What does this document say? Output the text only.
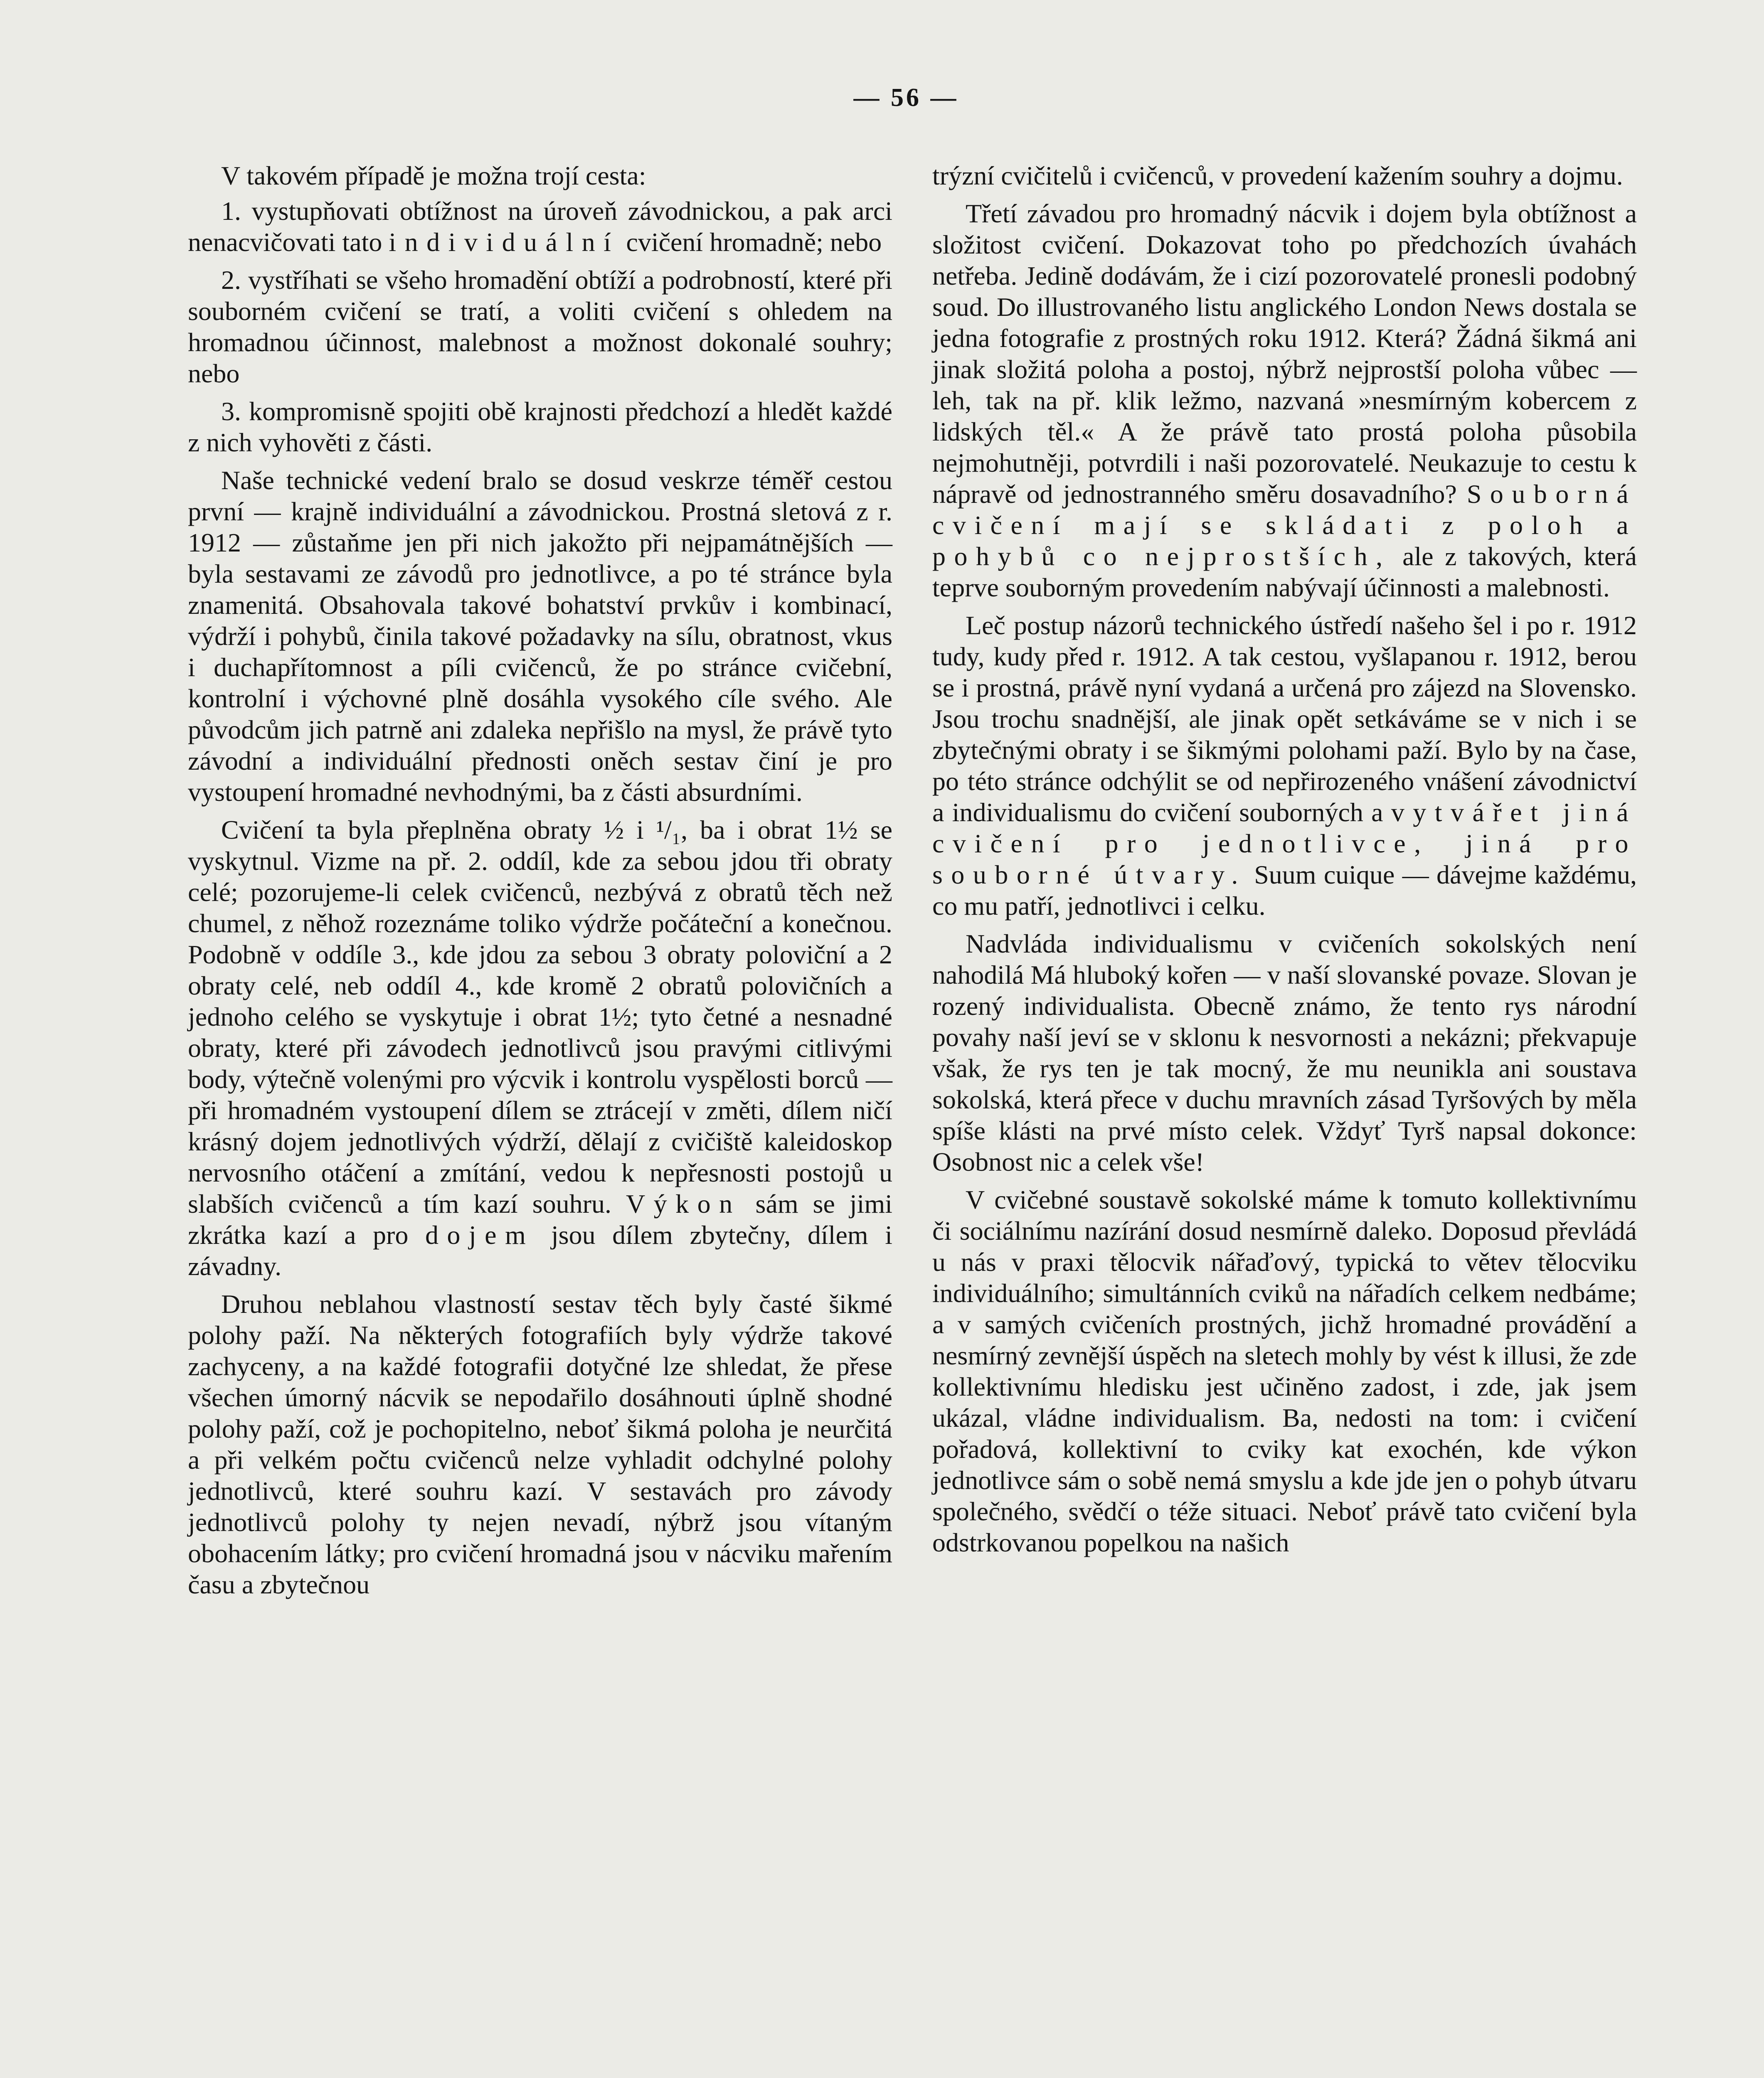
— 56 —

V takovém případě je možna trojí cesta:

1. vystupňovati obtížnost na úroveň závodnickou, a pak arci nenacvičovati tato individuální cvičení hromadně; nebo

2. vystříhati se všeho hromadění obtíží a podrobností, které při souborném cvičení se tratí, a voliti cvičení s ohledem na hromadnou účinnost, malebnost a možnost dokonalé souhry; nebo

3. kompromisně spojiti obě krajnosti předchozí a hledět každé z nich vyhověti z části.

Naše technické vedení bralo se dosud veskrze téměř cestou první — krajně individuální a závodnickou. Prostná sletová z r. 1912 — zůstaňme jen při nich jakožto při nejpamátnějších — byla sestavami ze závodů pro jednotlivce, a po té stránce byla znamenitá. Obsahovala takové bohatství prvkův i kombinací, výdrží i pohybů, činila takové požadavky na sílu, obratnost, vkus i duchapřítomnost a píli cvičenců, že po stránce cvičební, kontrolní i výchovné plně dosáhla vysokého cíle svého. Ale původcům jich patrně ani zdaleka nepřišlo na mysl, že právě tyto závodní a individuální přednosti oněch sestav činí je pro vystoupení hromadné nevhodnými, ba z části absurdními.

Cvičení ta byla přeplněna obraty ½ i ¹/₁, ba i obrat 1½ se vyskytnul. Vizme na př. 2. oddíl, kde za sebou jdou tři obraty celé; pozorujeme-li celek cvičenců, nezbývá z obratů těch než chumel, z něhož rozeznáme toliko výdrže počáteční a konečnou. Podobně v oddíle 3., kde jdou za sebou 3 obraty poloviční a 2 obraty celé, neb oddíl 4., kde kromě 2 obratů polovičních a jednoho celého se vyskytuje i obrat 1½; tyto četné a nesnadné obraty, které při závodech jednotlivců jsou pravými citlivými body, výtečně volenými pro výcvik i kontrolu vyspělosti borců — při hromadném vystoupení dílem se ztrácejí v změti, dílem ničí krásný dojem jednotlivých výdrží, dělají z cvičiště kaleidoskop nervosního otáčení a zmítání, vedou k nepřesnosti postojů u slabších cvičenců a tím kazí souhru. Výkon sám se jimi zkrátka kazí a pro dojem jsou dílem zbytečny, dílem i závadny.

Druhou neblahou vlastností sestav těch byly časté šikmé polohy paží. Na některých fotografiích byly výdrže takové zachyceny, a na každé fotografii dotyčné lze shledat, že přese všechen úmorný nácvik se nepodařilo dosáhnouti úplně shodné polohy paží, což je pochopitelno, neboť šikmá poloha je neurčitá a při velkém počtu cvičenců nelze vyhladit odchylné polohy jednotlivců, které souhru kazí. V sestavách pro závody jednotlivců polohy ty nejen nevadí, nýbrž jsou vítaným obohacením látky; pro cvičení hromadná jsou v nácviku mařením času a zbytečnou

trýzní cvičitelů i cvičenců, v provedení kažením souhry a dojmu.

Třetí závadou pro hromadný nácvik i dojem byla obtížnost a složitost cvičení. Dokazovat toho po předchozích úvahách netřeba. Jedině dodávám, že i cizí pozorovatelé pronesli podobný soud. Do illustrovaného listu anglického London News dostala se jedna fotografie z prostných roku 1912. Která? Žádná šikmá ani jinak složitá poloha a postoj, nýbrž nejprostší poloha vůbec — leh, tak na př. klik ležmo, nazvaná »nesmírným kobercem z lidských těl.« A že právě tato prostá poloha působila nejmohutněji, potvrdili i naši pozorovatelé. Neukazuje to cestu k nápravě od jednostranného směru dosavadního? Souborná cvičení mají se skládati z poloh a pohybů co nejprostších, ale z takových, která teprve souborným provedením nabývají účinnosti a malebnosti.

Leč postup názorů technického ústředí našeho šel i po r. 1912 tudy, kudy před r. 1912. A tak cestou, vyšlapanou r. 1912, berou se i prostná, právě nyní vydaná a určená pro zájezd na Slovensko. Jsou trochu snadnější, ale jinak opět setkáváme se v nich i se zbytečnými obraty i se šikmými polohami paží. Bylo by na čase, po této stránce odchýlit se od nepřirozeného vnášení závodnictví a individualismu do cvičení souborných a vytvářet jiná cvičení pro jednotlivce, jiná pro souborné útvary. Suum cuique — dávejme každému, co mu patří, jednotlivci i celku.

Nadvláda individualismu v cvičeních sokolských není nahodilá Má hluboký kořen — v naší slovanské povaze. Slovan je rozený individualista. Obecně známo, že tento rys národní povahy naší jeví se v sklonu k nesvornosti a nekázni; překvapuje však, že rys ten je tak mocný, že mu neunikla ani soustava sokolská, která přece v duchu mravních zásad Tyršových by měla spíše klásti na prvé místo celek. Vždyť Tyrš napsal dokonce: Osobnost nic a celek vše!

V cvičebné soustavě sokolské máme k tomuto kollektivnímu či sociálnímu nazírání dosud nesmírně daleko. Doposud převládá u nás v praxi tělocvik nářaďový, typická to větev tělocviku individuálního; simultánních cviků na nářadích celkem nedbáme; a v samých cvičeních prostných, jichž hromadné provádění a nesmírný zevnější úspěch na sletech mohly by vést k illusi, že zde kollektivnímu hledisku jest učiněno zadost, i zde, jak jsem ukázal, vládne individualism. Ba, nedosti na tom: i cvičení pořadová, kollektivní to cviky kat exochén, kde výkon jednotlivce sám o sobě nemá smyslu a kde jde jen o pohyb útvaru společného, svědčí o téže situaci. Neboť právě tato cvičení byla odstrkovanou popelkou na našich
